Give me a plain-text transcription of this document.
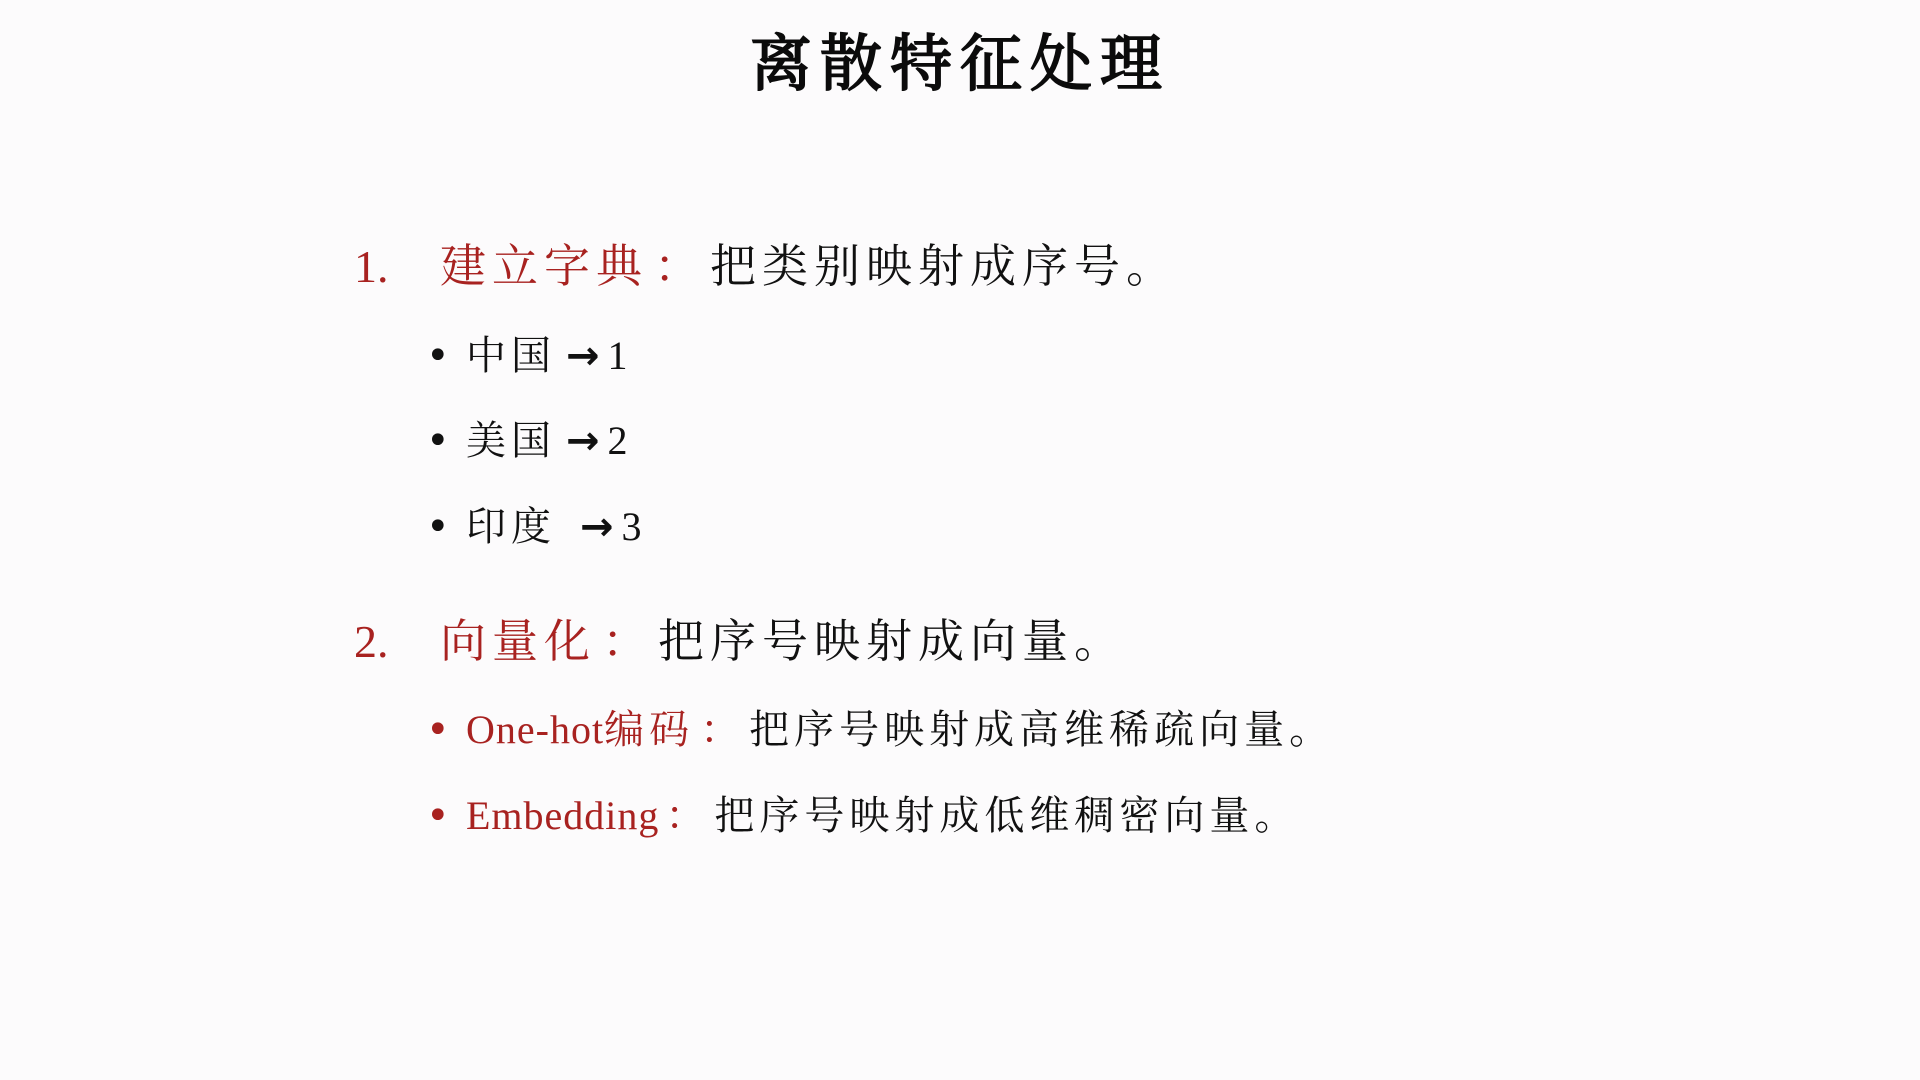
离散特征处理
1. 建立字典 ：把类别映射成序号。
• 中国 → 1
• 美国 → 2
• 印度 → 3
2. 向量化 ：把序号映射成向量。
• One-hot编码 ： 把序号映射成高维稀疏向量。
• Embedding ： 把序号映射成低维稠密向量。
